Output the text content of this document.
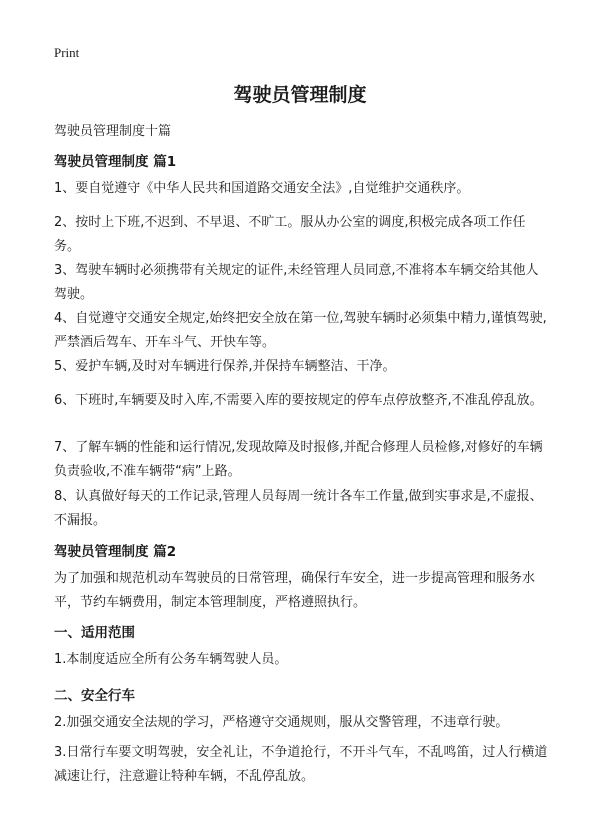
Print
驾驶员管理制度
驾驶员管理制度十篇
驾驶员管理制度 篇1
1、要自觉遵守《中华人民共和国道路交通安全法》,自觉维护交通秩序。
2、按时上下班,不迟到、不早退、不旷工。服从办公室的调度,积极完成各项工作任务。
3、驾驶车辆时必须携带有关规定的证件,未经管理人员同意,不准将本车辆交给其他人驾驶。
4、自觉遵守交通安全规定,始终把安全放在第一位,驾驶车辆时必须集中精力,谨慎驾驶,严禁酒后驾车、开车斗气、开快车等。
5、爱护车辆,及时对车辆进行保养,并保持车辆整洁、干净。
6、下班时,车辆要及时入库,不需要入库的要按规定的停车点停放整齐,不准乱停乱放。
7、了解车辆的性能和运行情况,发现故障及时报修,并配合修理人员检修,对修好的车辆负责验收,不准车辆带“病”上路。
8、认真做好每天的工作记录,管理人员每周一统计各车工作量,做到实事求是,不虚报、不漏报。
驾驶员管理制度 篇2
为了加强和规范机动车驾驶员的日常管理，确保行车安全，进一步提高管理和服务水平，节约车辆费用，制定本管理制度，严格遵照执行。
一、适用范围
1.本制度适应全所有公务车辆驾驶人员。
二、安全行车
2.加强交通安全法规的学习，严格遵守交通规则，服从交警管理，不违章行驶。
3.日常行车要文明驾驶，安全礼让，不争道抢行，不开斗气车，不乱鸣笛，过人行横道减速让行，注意避让特种车辆，不乱停乱放。
